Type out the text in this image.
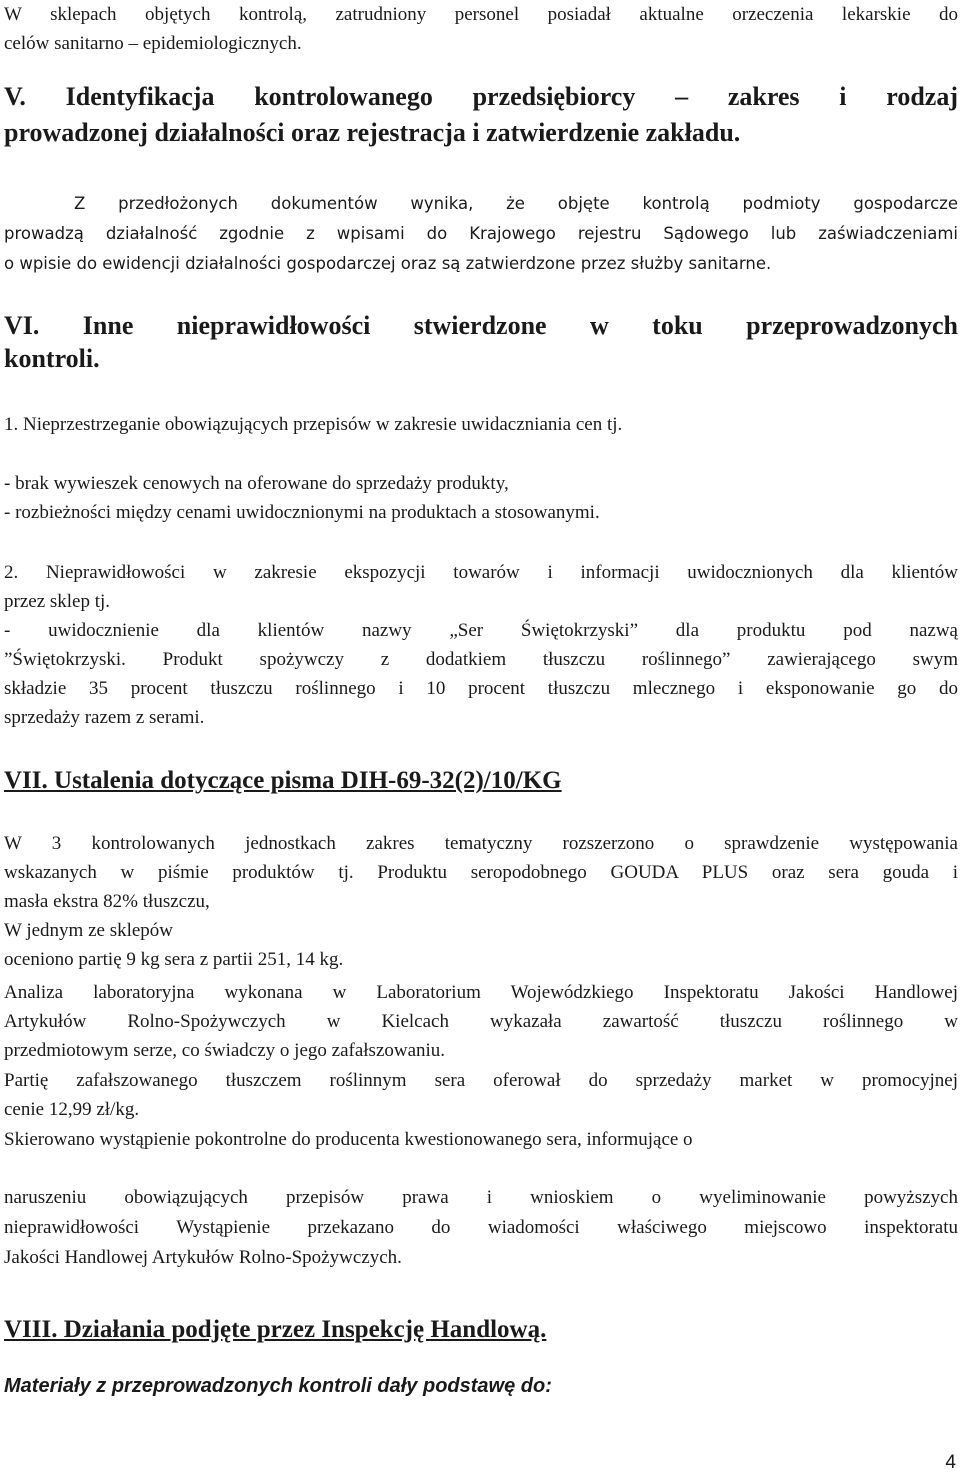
W sklepach objętych kontrolą, zatrudniony personel posiadał aktualne orzeczenia lekarskie do

celów sanitarno – epidemiologicznych.

V. Identyfikacja kontrolowanego przedsiębiorcy – zakres i rodzaj

prowadzonej działalności oraz rejestracja i zatwierdzenie zakładu.

Z przedłożonych dokumentów wynika, że objęte kontrolą podmioty gospodarcze

prowadzą działalność zgodnie z wpisami do Krajowego rejestru Sądowego lub zaświadczeniami

o wpisie do ewidencji działalności gospodarczej oraz są zatwierdzone przez służby sanitarne.

VI. Inne nieprawidłowości stwierdzone w toku przeprowadzonych

kontroli.

1. Nieprzestrzeganie obowiązujących przepisów w zakresie uwidaczniania cen tj.

- brak wywieszek cenowych na oferowane do sprzedaży produkty,

- rozbieżności między cenami uwidocznionymi na produktach a stosowanymi.

2. Nieprawidłowości w zakresie ekspozycji towarów i informacji uwidocznionych dla klientów

przez sklep tj.

- uwidocznienie dla klientów nazwy „Ser Świętokrzyski” dla produktu pod nazwą

”Świętokrzyski. Produkt spożywczy z dodatkiem tłuszczu roślinnego” zawierającego swym

składzie 35 procent tłuszczu roślinnego i 10 procent tłuszczu mlecznego i eksponowanie go do

sprzedaży razem z serami.

VII. Ustalenia dotyczące pisma DIH-69-32(2)/10/KG

W 3 kontrolowanych jednostkach zakres tematyczny rozszerzono o sprawdzenie występowania

wskazanych w piśmie produktów tj. Produktu seropodobnego GOUDA PLUS oraz sera gouda i

masła ekstra 82% tłuszczu,

W jednym ze sklepów

oceniono partię 9 kg sera z partii 251, 14 kg.

Analiza laboratoryjna wykonana w Laboratorium Wojewódzkiego Inspektoratu Jakości Handlowej

Artykułów Rolno-Spożywczych w Kielcach wykazała zawartość tłuszczu roślinnego w

przedmiotowym serze, co świadczy o jego zafałszowaniu.

Partię zafałszowanego tłuszczem roślinnym sera oferował do sprzedaży market w promocyjnej

cenie 12,99 zł/kg.

Skierowano wystąpienie pokontrolne do producenta kwestionowanego sera, informujące o

naruszeniu obowiązujących przepisów prawa i wnioskiem o wyeliminowanie powyższych

nieprawidłowości Wystąpienie przekazano do wiadomości właściwego miejscowo inspektoratu

Jakości Handlowej Artykułów Rolno-Spożywczych.

VIII. Działania podjęte przez Inspekcję Handlową.

Materiały z przeprowadzonych kontroli dały podstawę do:

4
